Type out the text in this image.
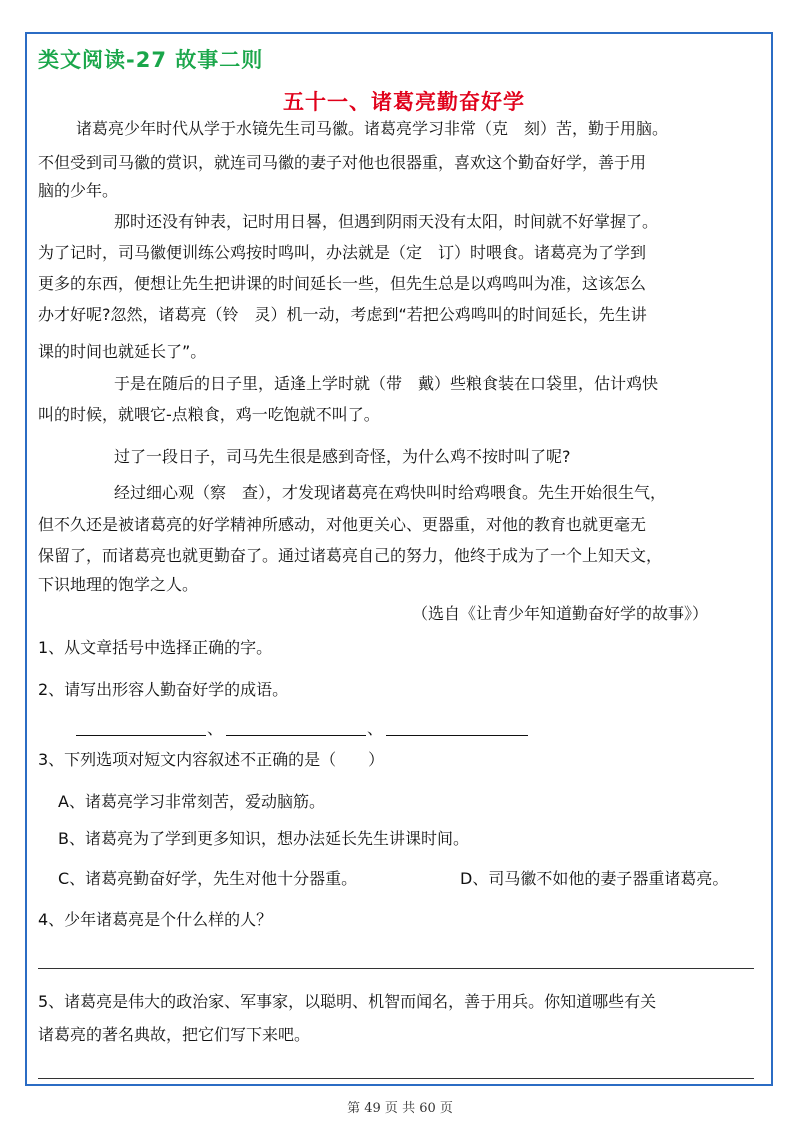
类文阅读-27 故事二则
五十一、诸葛亮勤奋好学
诸葛亮少年时代从学于水镜先生司马徽。诸葛亮学习非常（克　刻）苦，勤于用脑。
不但受到司马徽的赏识，就连司马徽的妻子对他也很器重，喜欢这个勤奋好学，善于用
脑的少年。
那时还没有钟表，记时用日晷，但遇到阴雨天没有太阳，时间就不好掌握了。
为了记时，司马徽便训练公鸡按时鸣叫，办法就是（定　订）时喂食。诸葛亮为了学到
更多的东西，便想让先生把讲课的时间延长一些，但先生总是以鸡鸣叫为准，这该怎么
办才好呢?忽然，诸葛亮（铃　灵）机一动，考虑到“若把公鸡鸣叫的时间延长，先生讲
课的时间也就延长了”。
于是在随后的日子里，适逢上学时就（带　戴）些粮食装在口袋里，估计鸡快
叫的时候，就喂它-点粮食，鸡一吃饱就不叫了。
过了一段日子，司马先生很是感到奇怪，为什么鸡不按时叫了呢?
经过细心观（察　查），才发现诸葛亮在鸡快叫时给鸡喂食。先生开始很生气，
但不久还是被诸葛亮的好学精神所感动，对他更关心、更器重，对他的教育也就更毫无
保留了，而诸葛亮也就更勤奋了。通过诸葛亮自己的努力，他终于成为了一个上知天文，
下识地理的饱学之人。
（选自《让青少年知道勤奋好学的故事》）
1、从文章括号中选择正确的字。
2、请写出形容人勤奋好学的成语。
、	、
3、下列选项对短文内容叙述不正确的是（　　）
A、诸葛亮学习非常刻苦，爱动脑筋。
B、诸葛亮为了学到更多知识，想办法延长先生讲课时间。
C、诸葛亮勤奋好学，先生对他十分器重。	D、司马徽不如他的妻子器重诸葛亮。
4、少年诸葛亮是个什么样的人？
5、诸葛亮是伟大的政治家、军事家，以聪明、机智而闻名，善于用兵。你知道哪些有关
诸葛亮的著名典故，把它们写下来吧。
第 49 页 共 60 页
